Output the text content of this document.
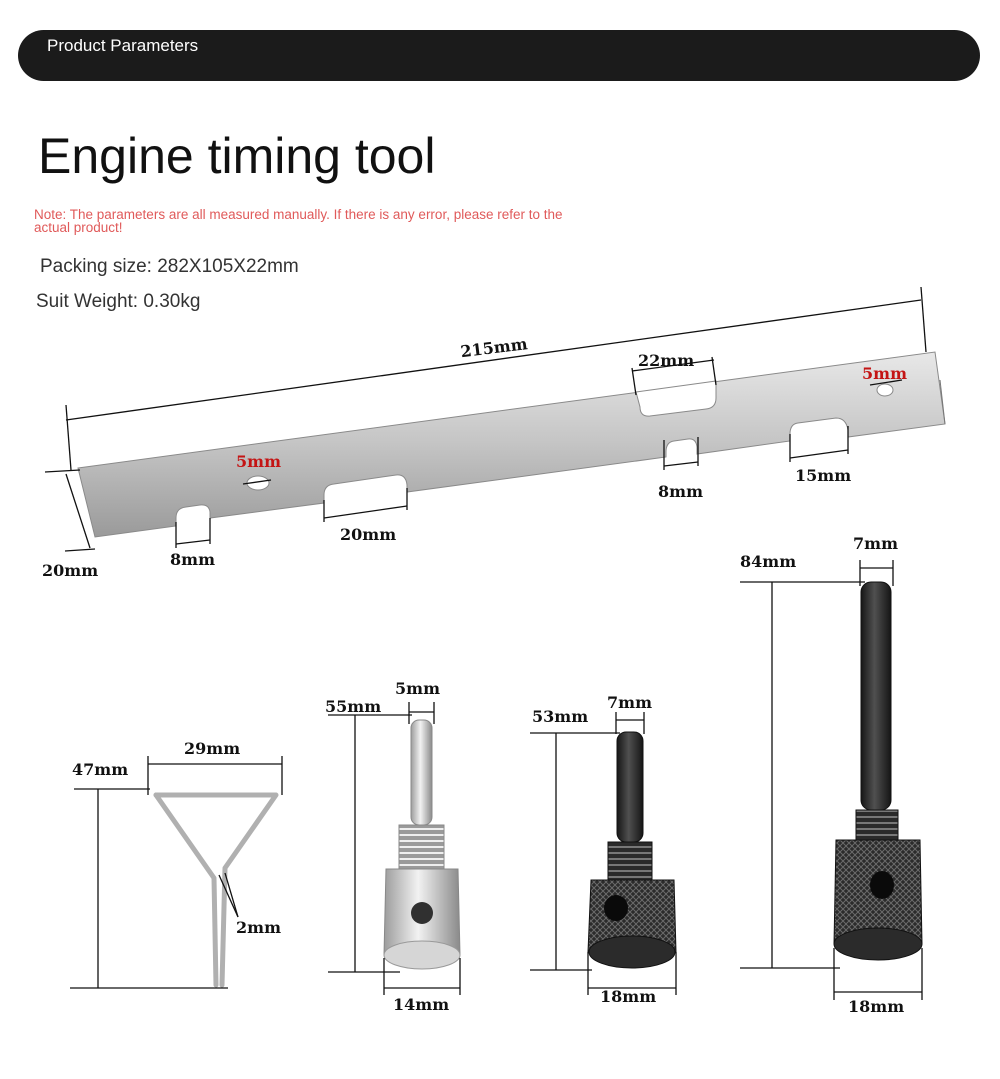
Product Parameters
Engine timing tool
Note: The parameters are all measured manually. If there is any error, please refer to the actual product!
Packing size: 282X105X22mm
Suit Weight: 0.30kg
215mm	22mm
5mm
5mm
8mm
15mm
20mm
8mm
20mm
29mm
47mm
2mm
5mm
55mm
14mm
7mm
53mm
18mm
7mm
84mm
18mm
